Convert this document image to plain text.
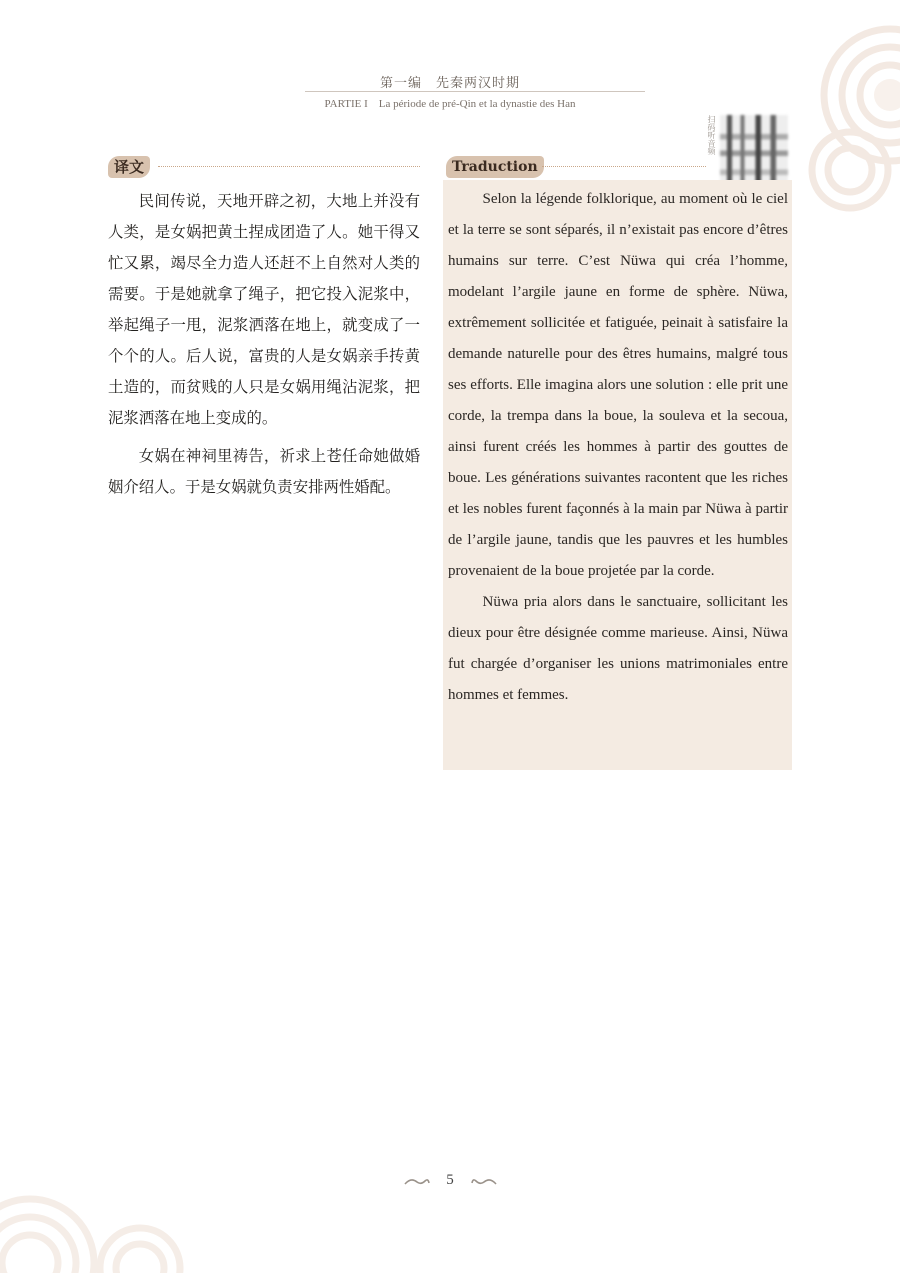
第一编　先秦两汉时期
PARTIE I　La période de pré-Qin et la dynastie des Han
扫码听音频
译文

民间传说，天地开辟之初，大地上并没有人类，是女娲把黄土捏成团造了人。她干得又忙又累，竭尽全力造人还赶不上自然对人类的需要。于是她就拿了绳子，把它投入泥浆中，举起绳子一甩，泥浆洒落在地上，就变成了一个个的人。后人说，富贵的人是女娲亲手抟黄土造的，而贫贱的人只是女娲用绳沾泥浆，把泥浆洒落在地上变成的。

女娲在神祠里祷告，祈求上苍任命她做婚姻介绍人。于是女娲就负责安排两性婚配。

Traduction

Selon la légende folklorique, au moment où le ciel et la terre se sont séparés, il n’existait pas encore d’êtres humains sur terre. C’est Nüwa qui créa l’homme, modelant l’argile jaune en forme de sphère. Nüwa, extrêmement sollicitée et fatiguée, peinait à satisfaire la demande naturelle pour des êtres humains, malgré tous ses efforts. Elle imagina alors une solution : elle prit une corde, la trempa dans la boue, la souleva et la secoua, ainsi furent créés les hommes à partir des gouttes de boue. Les générations suivantes racontent que les riches et les nobles furent façonnés à la main par Nüwa à partir de l’argile jaune, tandis que les pauvres et les humbles provenaient de la boue projetée par la corde.

Nüwa pria alors dans le sanctuaire, sollicitant les dieux pour être désignée comme marieuse. Ainsi, Nüwa fut chargée d’organiser les unions matrimoniales entre hommes et femmes.

5
